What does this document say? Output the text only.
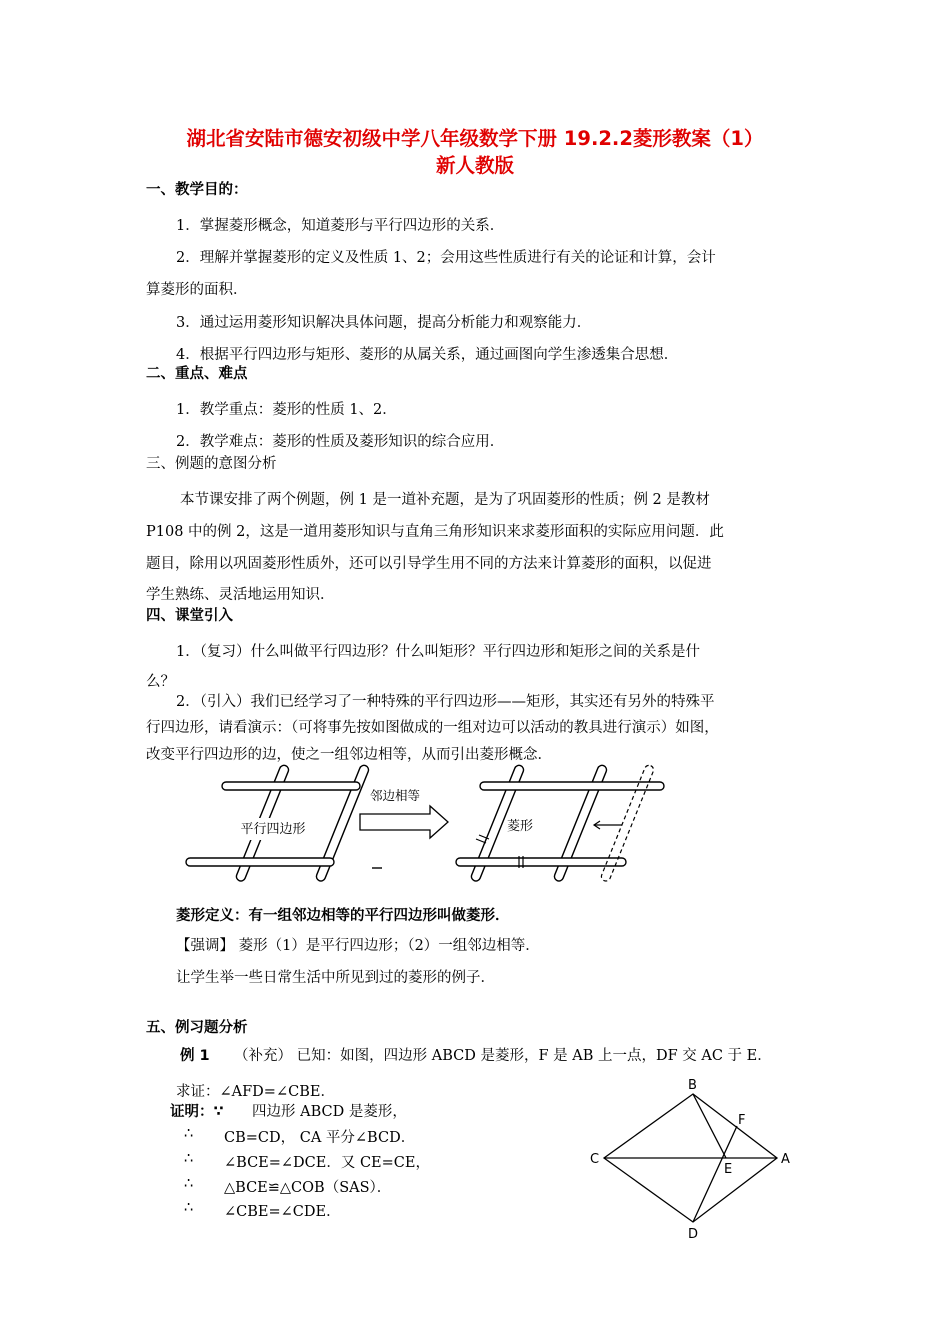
湖北省安陆市德安初级中学八年级数学下册 19.2.2菱形教案（1）
新人教版
一、教学目的：
1．掌握菱形概念，知道菱形与平行四边形的关系．
2．理解并掌握菱形的定义及性质 1、2；会用这些性质进行有关的论证和计算，会计
算菱形的面积．
3．通过运用菱形知识解决具体问题，提高分析能力和观察能力．
4．根据平行四边形与矩形、菱形的从属关系，通过画图向学生渗透集合思想．
二、重点、难点
1．教学重点：菱形的性质 1、2．
2．教学难点：菱形的性质及菱形知识的综合应用．
三、例题的意图分析
本节课安排了两个例题，例 1 是一道补充题，是为了巩固菱形的性质；例 2 是教材
P108 中的例 2，这是一道用菱形知识与直角三角形知识来求菱形面积的实际应用问题．此
题目，除用以巩固菱形性质外，还可以引导学生用不同的方法来计算菱形的面积，以促进
学生熟练、灵活地运用知识．
四、课堂引入
1．（复习）什么叫做平行四边形？什么叫矩形？平行四边形和矩形之间的关系是什
么？
2．（引入）我们已经学习了一种特殊的平行四边形——矩形，其实还有另外的特殊平
行四边形，请看演示：（可将事先按如图做成的一组对边可以活动的教具进行演示）如图，
改变平行四边形的边，使之一组邻边相等，从而引出菱形概念．
平行四边形	菱形
邻边相等
菱形定义：有一组邻边相等的平行四边形叫做菱形．
【强调】 菱形（1）是平行四边形；（2）一组邻边相等．
让学生举一些日常生活中所见到过的菱形的例子．
五、例习题分析
例 1 （补充） 已知：如图，四边形 ABCD 是菱形，F 是 AB 上一点，DF 交 AC 于 E．
求证：∠AFD=∠CBE．
证明：∵ 四边形 ABCD 是菱形，
∴ CB=CD， CA 平分∠BCD．
∴ ∠BCE=∠DCE．又 CE=CE，
∴ △BCE≌△COB（SAS）．
∴ ∠CBE=∠CDE．
B
C	A
D
E
F
